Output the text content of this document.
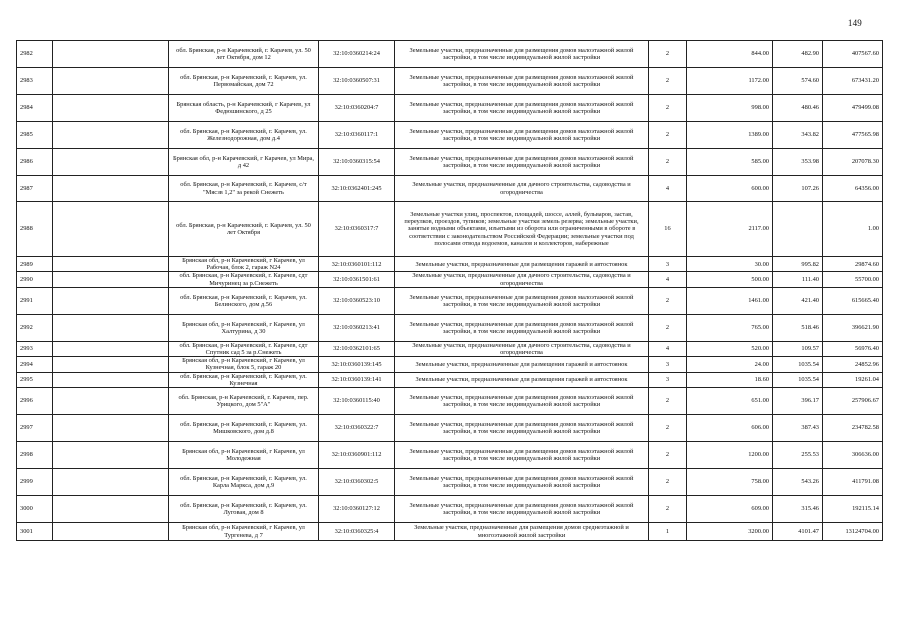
149
2982		обл. Брянская, р-н Карачевский, г. Карачев, ул. 50 лет Октября, дом 12	32:10:0360214:24	Земельные участки, предназначенные для размещения домов малоэтажной жилой застройки, в том числе индивидуальной жилой застройки	2	844.00	482.90	407567.60
2983		обл. Брянская, р-н Карачевский, г. Карачев, ул. Первомайская, дом 72	32:10:0360507:31	Земельные участки, предназначенные для размещения домов малоэтажной жилой застройки, в том числе индивидуальной жилой застройки	2	1172.00	574.60	673431.20
2984		Брянская область, р-н Карачевский, г Карачев, ул Федюшинского, д 25	32:10:0360204:7	Земельные участки, предназначенные для размещения домов малоэтажной жилой застройки, в том числе индивидуальной жилой застройки	2	998.00	480.46	479499.08
2985		обл. Брянская, р-н Карачевский, г. Карачев, ул. Железнодорожная, дом д.4	32:10:0360117:1	Земельные участки, предназначенные для размещения домов малоэтажной жилой застройки, в том числе индивидуальной жилой застройки	2	1389.00	343.82	477565.98
2986		Брянская обл, р-н Карачевский, г Карачев, ул Мира, д 42	32:10:0360315:54	Земельные участки, предназначенные для размещения домов малоэтажной жилой застройки, в том числе индивидуальной жилой застройки	2	585.00	353.98	207078.30
2987		обл. Брянская, р-н Карачевский, г. Карачев, с/т "Мясзв 1,2" за рекой Снежеть	32:10:0362401:245	Земельные участки, предназначенные для дачного строительства, садоводства и огородничества	4	600.00	107.26	64356.00
2988		обл. Брянская, р-н Карачевский, г. Карачев, ул. 50 лет Октября	32:10:0360317:7	Земельные участки улиц, проспектов, площадей, шоссе, аллей, бульваров, застав, переулков, проездов, тупиков; земельные участки земель резерва; земельные участки, занятые водными объектами, изъятыми из оборота или ограниченными в обороте в соответствии с законодательством Российской Федерации; земельные участки под полосами отвода водоемов, каналов и коллекторов, набережные	16	2117.00		1.00
2989		Брянская обл, р-н Карачевский, г Карачев, ул Рабочая, блок 2, гараж N24	32:10:0360101:112	Земельные участки, предназначенные для размещения гаражей и автостоянок	3	30.00	995.82	29874.60
2990		обл. Брянская, р-н Карачевский, г. Карачев, сдт Мичуринец за р.Снежеть	32:10:0361501:61	Земельные участки, предназначенные для дачного строительства, садоводства и огородничества	4	500.00	111.40	55700.00
2991		обл. Брянская, р-н Карачевский, г. Карачев, ул. Белинского, дом д.56	32:10:0360523:10	Земельные участки, предназначенные для размещения домов малоэтажной жилой застройки, в том числе индивидуальной жилой застройки	2	1461.00	421.40	615665.40
2992		Брянская обл, р-н Карачевский, г Карачев, ул Халтурина, д 30	32:10:0360213:41	Земельные участки, предназначенные для размещения домов малоэтажной жилой застройки, в том числе индивидуальной жилой застройки	2	765.00	518.46	396621.90
2993		обл. Брянская, р-н Карачевский, г. Карачев, сдт Спутник сад 5 за р.Снежеть	32:10:0362101:65	Земельные участки, предназначенные для дачного строительства, садоводства и огородничества	4	520.00	109.57	56976.40
2994		Брянская обл, р-н Карачевский, г Карачев, ул Кузнечная, блок 5, гараж 20	32:10:0360139:145	Земельные участки, предназначенные для размещения гаражей и автостоянок	3	24.00	1035.54	24852.96
2995		обл. Брянская, р-н Карачевский, г. Карачев, ул. Кузнечная	32:10:0360139:141	Земельные участки, предназначенные для размещения гаражей и автостоянок	3	18.60	1035.54	19261.04
2996		обл. Брянская, р-н Карачевский, г. Карачев, пер. Урицкого, дом 5"А"	32:10:0360115:40	Земельные участки, предназначенные для размещения домов малоэтажной жилой застройки, в том числе индивидуальной жилой застройки	2	651.00	396.17	257906.67
2997		обл. Брянская, р-н Карачевский, г. Карачев, ул. Мишковского, дом д.8	32:10:0360322:7	Земельные участки, предназначенные для размещения домов малоэтажной жилой застройки, в том числе индивидуальной жилой застройки	2	606.00	387.43	234782.58
2998		Брянская обл, р-н Карачевский, г Карачев, ул Молодежная	32:10:0360901:112	Земельные участки, предназначенные для размещения домов малоэтажной жилой застройки, в том числе индивидуальной жилой застройки	2	1200.00	255.53	306636.00
2999		обл. Брянская, р-н Карачевский, г. Карачев, ул. Карла Маркса, дом д.9	32:10:0360302:5	Земельные участки, предназначенные для размещения домов малоэтажной жилой застройки, в том числе индивидуальной жилой застройки	2	758.00	543.26	411791.08
3000		обл. Брянская, р-н Карачевский, г. Карачев, ул. Луговая, дом 8	32:10:0360127:12	Земельные участки, предназначенные для размещения домов малоэтажной жилой застройки, в том числе индивидуальной жилой застройки	2	609.00	315.46	192115.14
3001		Брянская обл, р-н Карачевский, г Карачев, ул Тургенева, д 7	32:10:0360325:4	Земельные участки, предназначенные для размещения домов среднеэтажной и многоэтажной жилой застройки	1	3200.00	4101.47	13124704.00
